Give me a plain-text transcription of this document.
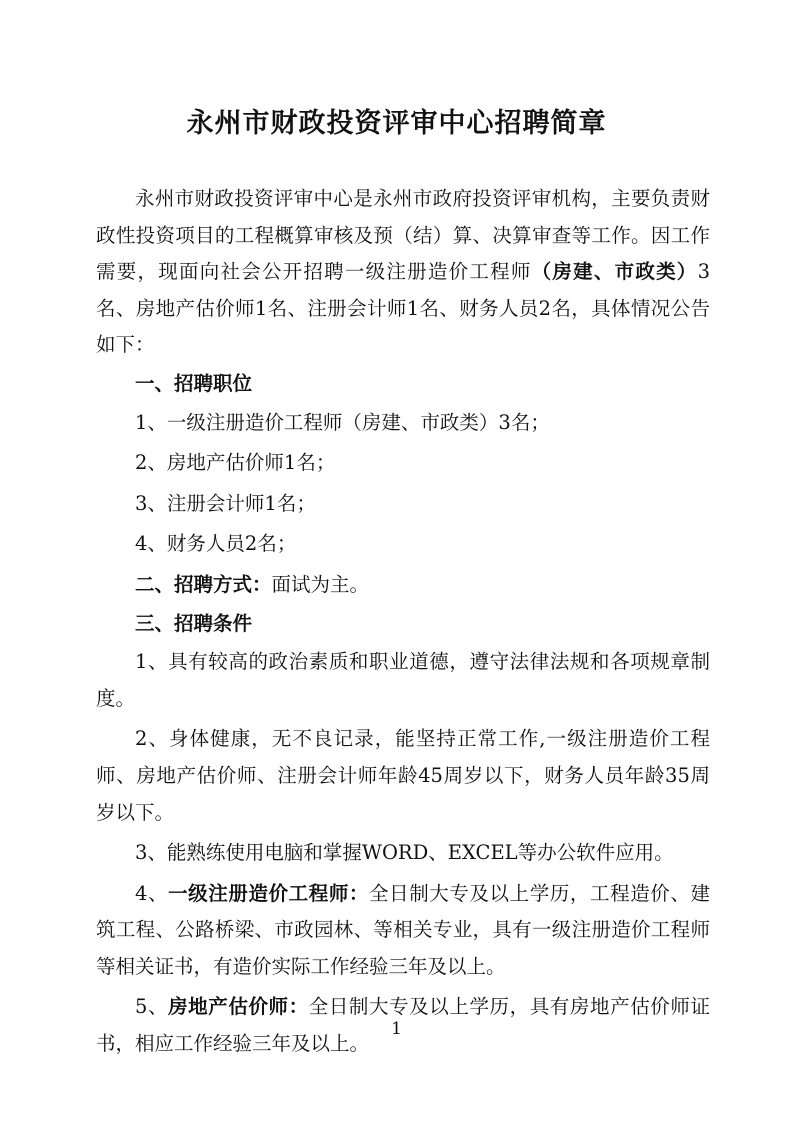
永州市财政投资评审中心招聘简章

永州市财政投资评审中心是永州市政府投资评审机构，主要负责财政性投资项目的工程概算审核及预（结）算、决算审查等工作。因工作需要，现面向社会公开招聘一级注册造价工程师（房建、市政类）3名、房地产估价师1名、注册会计师1名、财务人员2名，具体情况公告如下：

一、招聘职位

1、一级注册造价工程师（房建、市政类）3名；

2、房地产估价师1名；

3、注册会计师1名；

4、财务人员2名；

二、招聘方式：面试为主。

三、招聘条件

1、具有较高的政治素质和职业道德，遵守法律法规和各项规章制度。

2、身体健康，无不良记录，能坚持正常工作,一级注册造价工程师、房地产估价师、注册会计师年龄45周岁以下，财务人员年龄35周岁以下。

3、能熟练使用电脑和掌握WORD、EXCEL等办公软件应用。

4、一级注册造价工程师：全日制大专及以上学历，工程造价、建筑工程、公路桥梁、市政园林、等相关专业，具有一级注册造价工程师等相关证书，有造价实际工作经验三年及以上。

5、房地产估价师：全日制大专及以上学历，具有房地产估价师证书，相应工作经验三年及以上。

1
